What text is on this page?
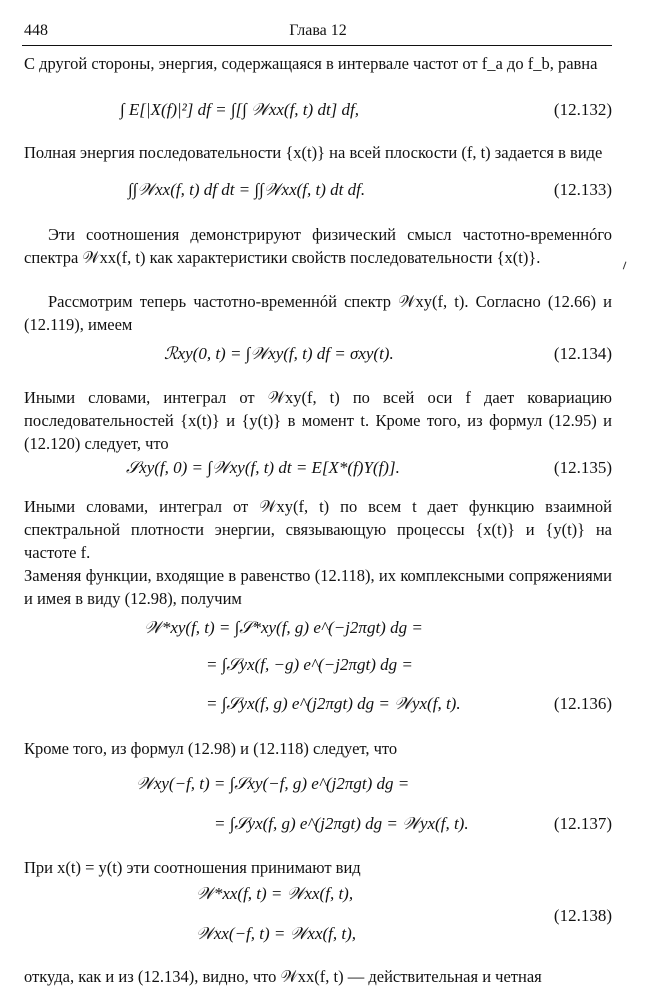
448	Глава 12
С другой стороны, энергия, содержащаяся в интервале частот от f_a до f_b, равна
∫ E[|X(f)|²] df = ∫[∫ 𝒲xx(f, t) dt] df,	(12.132)
Полная энергия последовательности {x(t)} на всей плоскости (f, t) задается в виде
∫∫𝒲xx(f, t) df dt = ∫∫𝒲xx(f, t) dt df.	(12.133)
Эти соотношения демонстрируют физический смысл частотно-временнóго спектра 𝒲xx(f, t) как характеристики свойств последовательности {x(t)}.
Рассмотрим теперь частотно-временнóй спектр 𝒲xy(f, t). Согласно (12.66) и (12.119), имеем
ℛxy(0, t) = ∫𝒲xy(f, t) df = σxy(t).	(12.134)
Иными словами, интеграл от 𝒲xy(f, t) по всей оси f дает ковариацию последовательностей {x(t)} и {y(t)} в момент t. Кроме того, из формул (12.95) и (12.120) следует, что
𝒮xy(f, 0) = ∫𝒲xy(f, t) dt = E[X*(f)Y(f)].	(12.135)
Иными словами, интеграл от 𝒲xy(f, t) по всем t дает функцию взаимной спектральной плотности энергии, связывающую процессы {x(t)} и {y(t)} на частоте f.
Заменяя функции, входящие в равенство (12.118), их комплексными сопряжениями и имея в виду (12.98), получим
𝒲*xy(f, t) = ∫𝒮*xy(f, g) e^(−j2πgt) dg =
= ∫𝒮yx(f, −g) e^(−j2πgt) dg =
= ∫𝒮yx(f, g) e^(j2πgt) dg = 𝒲yx(f, t).	(12.136)
Кроме того, из формул (12.98) и (12.118) следует, что
𝒲xy(−f, t) = ∫𝒮xy(−f, g) e^(j2πgt) dg =
= ∫𝒮yx(f, g) e^(j2πgt) dg = 𝒲yx(f, t).	(12.137)
При x(t) = y(t) эти соотношения принимают вид
𝒲*xx(f, t) = 𝒲xx(f, t),
𝒲xx(−f, t) = 𝒲xx(f, t),
(12.138)
откуда, как и из (12.134), видно, что 𝒲xx(f, t) — действительная и четная
